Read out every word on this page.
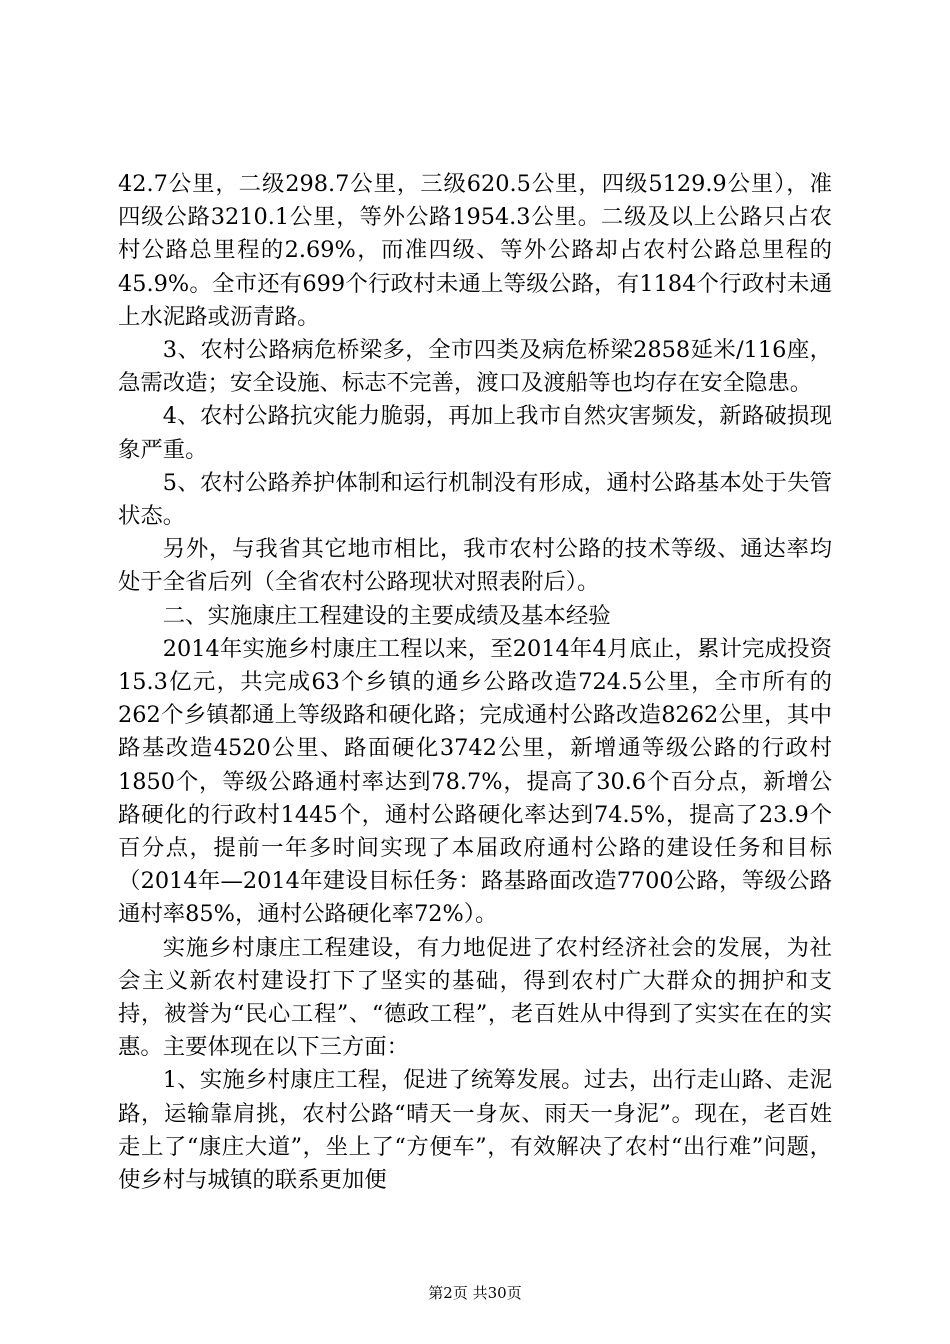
42.7公里，二级298.7公里，三级620.5公里，四级5129.9公里），准四级公路3210.1公里，等外公路1954.3公里。二级及以上公路只占农村公路总里程的2.69%，而准四级、等外公路却占农村公路总里程的45.9%。全市还有699个行政村未通上等级公路，有1184个行政村未通上水泥路或沥青路。

3、农村公路病危桥梁多，全市四类及病危桥梁2858延米/116座，急需改造；安全设施、标志不完善，渡口及渡船等也均存在安全隐患。

4、农村公路抗灾能力脆弱，再加上我市自然灾害频发，新路破损现象严重。

5、农村公路养护体制和运行机制没有形成，通村公路基本处于失管状态。

另外，与我省其它地市相比，我市农村公路的技术等级、通达率均处于全省后列（全省农村公路现状对照表附后）。

二、实施康庄工程建设的主要成绩及基本经验

2014年实施乡村康庄工程以来，至2014年4月底止，累计完成投资15.3亿元，共完成63个乡镇的通乡公路改造724.5公里，全市所有的262个乡镇都通上等级路和硬化路；完成通村公路改造8262公里，其中路基改造4520公里、路面硬化3742公里，新增通等级公路的行政村1850个，等级公路通村率达到78.7%，提高了30.6个百分点，新增公路硬化的行政村1445个，通村公路硬化率达到74.5%，提高了23.9个百分点，提前一年多时间实现了本届政府通村公路的建设任务和目标（2014年—2014年建设目标任务：路基路面改造7700公路，等级公路通村率85%，通村公路硬化率72%）。

实施乡村康庄工程建设，有力地促进了农村经济社会的发展，为社会主义新农村建设打下了坚实的基础，得到农村广大群众的拥护和支持，被誉为“民心工程”、“德政工程”，老百姓从中得到了实实在在的实惠。主要体现在以下三方面：

1、实施乡村康庄工程，促进了统筹发展。过去，出行走山路、走泥路，运输靠肩挑，农村公路“晴天一身灰、雨天一身泥”。现在，老百姓走上了“康庄大道”，坐上了“方便车”，有效解决了农村“出行难”问题，使乡村与城镇的联系更加便

第2页 共30页
